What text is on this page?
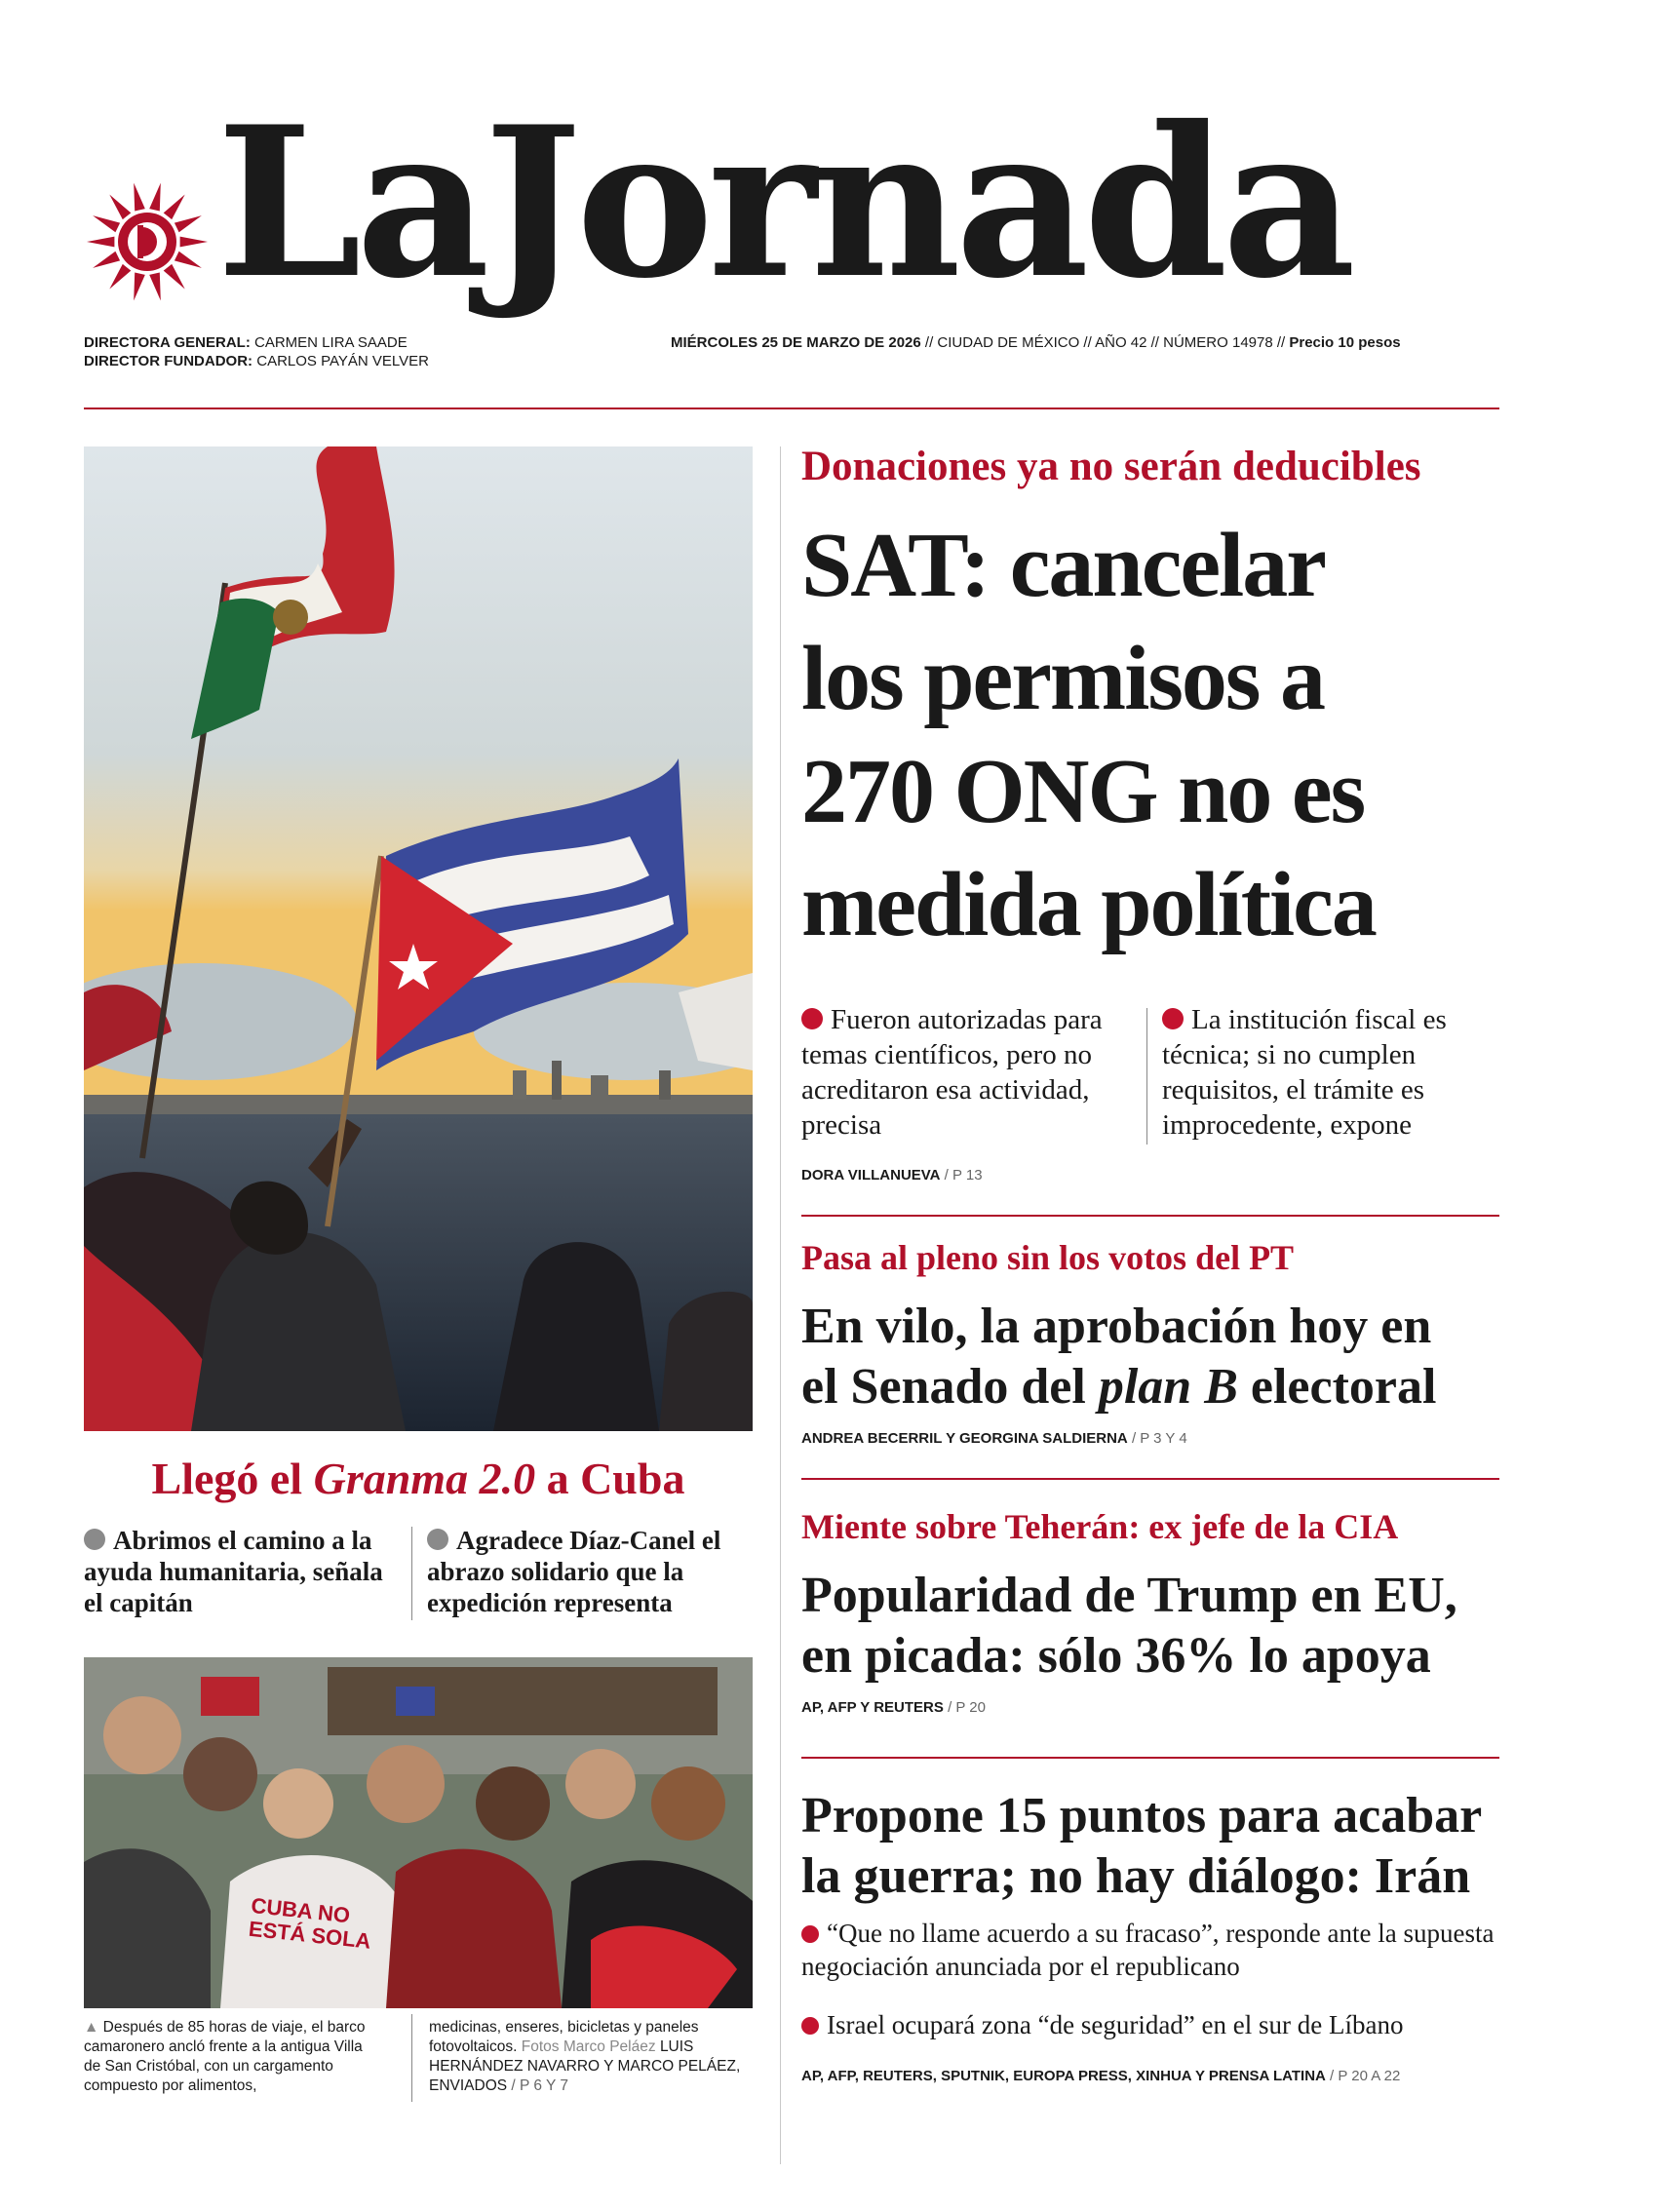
LaJornada
DIRECTORA GENERAL: CARMEN LIRA SAADE
DIRECTOR FUNDADOR: CARLOS PAYÁN VELVER
MIÉRCOLES 25 DE MARZO DE 2026 // CIUDAD DE MÉXICO // AÑO 42 // NÚMERO 14978 // Precio 10 pesos
Llegó el Granma 2.0 a Cuba
Abrimos el camino a la ayuda humanitaria, señala el capitán
Agradece Díaz-Canel el abrazo solidario que la expedición representa
CUBA NO ESTÁ SOLA
▲ Después de 85 horas de viaje, el barco camaronero ancló frente a la antigua Villa de San Cristóbal, con un cargamento compuesto por alimentos,
medicinas, enseres, bicicletas y paneles fotovoltaicos. Fotos Marco Peláez LUIS HERNÁNDEZ NAVARRO Y MARCO PELÁEZ, ENVIADOS / P 6 Y 7
Donaciones ya no serán deducibles
SAT: cancelar
los permisos a
270 ONG no es
medida política
Fueron autorizadas para temas científicos, pero no acreditaron esa actividad, precisa
La institución fiscal es técnica; si no cumplen requisitos, el trámite es improcedente, expone
DORA VILLANUEVA / P 13
Pasa al pleno sin los votos del PT
En vilo, la aprobación hoy en
el Senado del plan B electoral
ANDREA BECERRIL Y GEORGINA SALDIERNA / P 3 Y 4
Miente sobre Teherán: ex jefe de la CIA
Popularidad de Trump en EU,
en picada: sólo 36% lo apoya
AP, AFP Y REUTERS / P 20
Propone 15 puntos para acabar
la guerra; no hay diálogo: Irán
“Que no llame acuerdo a su fracaso”, responde ante la supuesta negociación anunciada por el republicano
Israel ocupará zona “de seguridad” en el sur de Líbano
AP, AFP, REUTERS, SPUTNIK, EUROPA PRESS, XINHUA Y PRENSA LATINA / P 20 A 22
